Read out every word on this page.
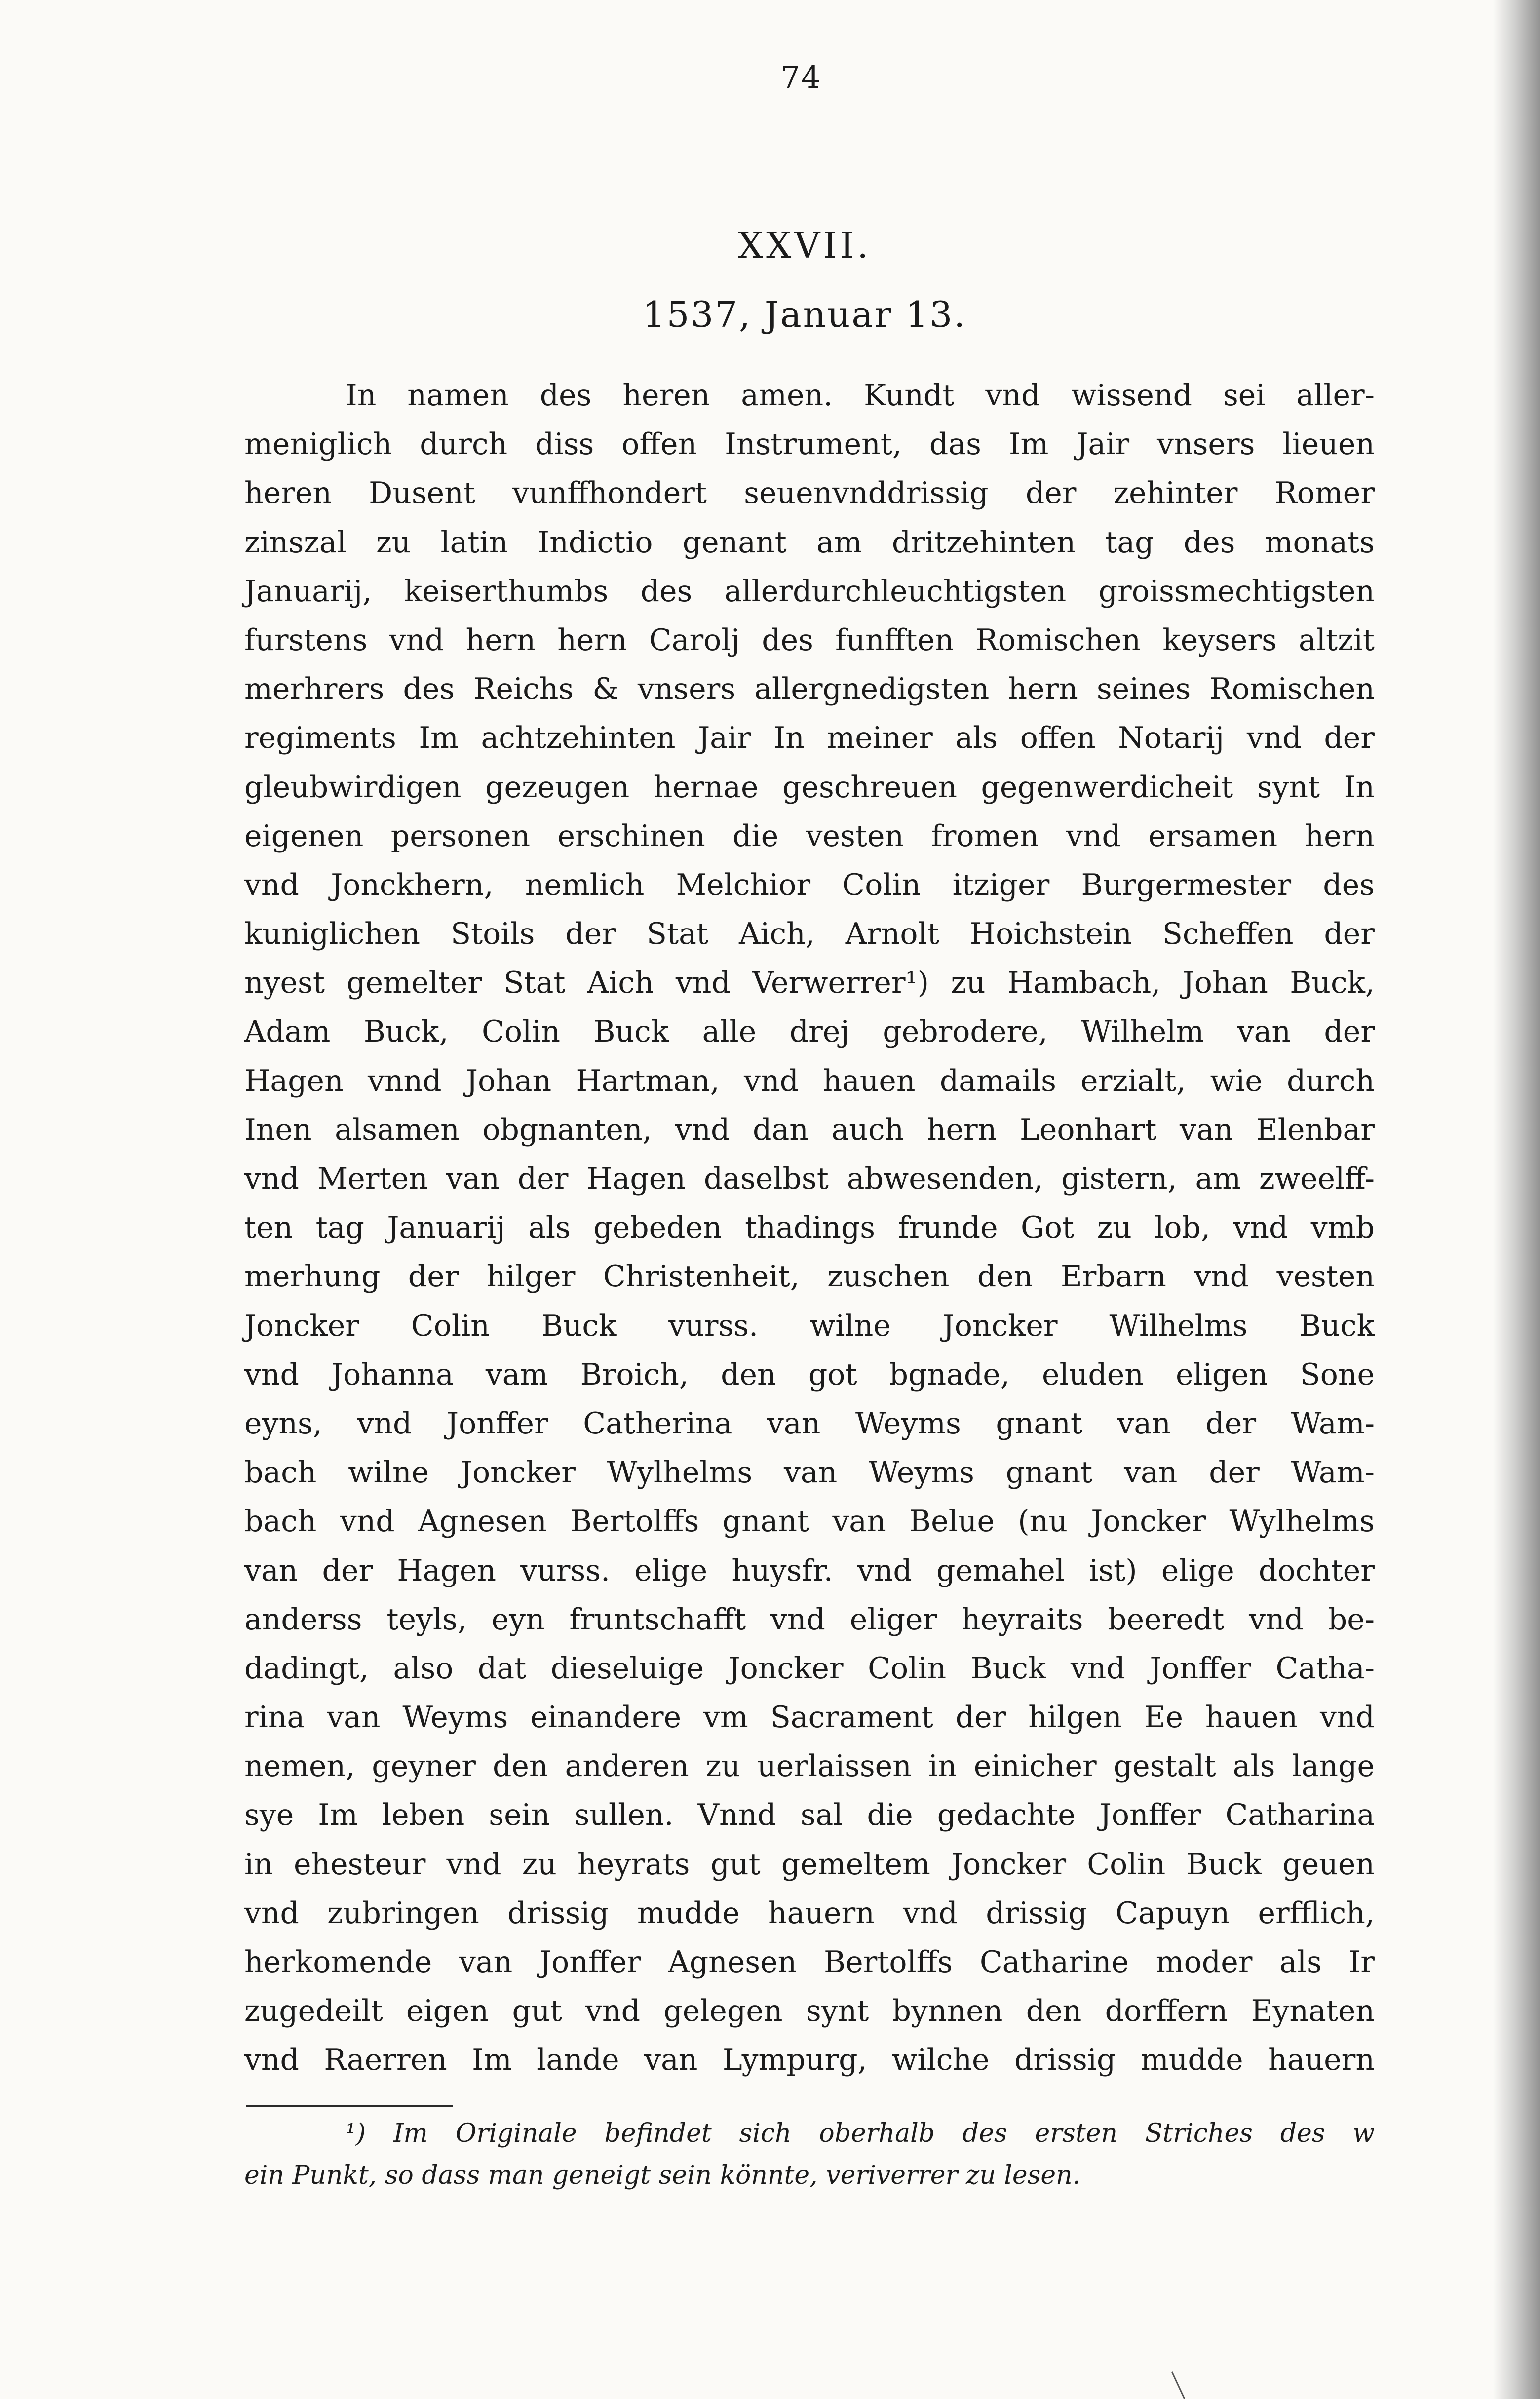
74
XXVII.
1537, Januar 13.
In namen des heren amen. Kundt vnd wissend sei aller-
meniglich durch diss offen Instrument, das Im Jair vnsers lieuen
heren Dusent vunffhondert seuenvnddrissig der zehinter Romer
zinszal zu latin Indictio genant am dritzehinten tag des monats
Januarij, keiserthumbs des allerdurchleuchtigsten groissmechtigsten
furstens vnd hern hern Carolj des funfften Romischen keysers altzit
merhrers des Reichs & vnsers allergnedigsten hern seines Romischen
regiments Im achtzehinten Jair In meiner als offen Notarij vnd der
gleubwirdigen gezeugen hernae geschreuen gegenwerdicheit synt In
eigenen personen erschinen die vesten fromen vnd ersamen hern
vnd Jonckhern, nemlich Melchior Colin itziger Burgermester des
kuniglichen Stoils der Stat Aich, Arnolt Hoichstein Scheffen der
nyest gemelter Stat Aich vnd Verwerrer¹) zu Hambach, Johan Buck,
Adam Buck, Colin Buck alle drej gebrodere, Wilhelm van der
Hagen vnnd Johan Hartman, vnd hauen damails erzialt, wie durch
Inen alsamen obgnanten, vnd dan auch hern Leonhart van Elenbar
vnd Merten van der Hagen daselbst abwesenden, gistern, am zweelff-
ten tag Januarij als gebeden thadings frunde Got zu lob, vnd vmb
merhung der hilger Christenheit, zuschen den Erbarn vnd vesten
Joncker Colin Buck vurss. wilne Joncker Wilhelms Buck
vnd Johanna vam Broich, den got bgnade, eluden eligen Sone
eyns, vnd Jonffer Catherina van Weyms gnant van der Wam-
bach wilne Joncker Wylhelms van Weyms gnant van der Wam-
bach vnd Agnesen Bertolffs gnant van Belue (nu Joncker Wylhelms
van der Hagen vurss. elige huysfr. vnd gemahel ist) elige dochter
anderss teyls, eyn fruntschafft vnd eliger heyraits beeredt vnd be-
dadingt, also dat dieseluige Joncker Colin Buck vnd Jonffer Catha-
rina van Weyms einandere vm Sacrament der hilgen Ee hauen vnd
nemen, geyner den anderen zu uerlaissen in einicher gestalt als lange
sye Im leben sein sullen. Vnnd sal die gedachte Jonffer Catharina
in ehesteur vnd zu heyrats gut gemeltem Joncker Colin Buck geuen
vnd zubringen drissig mudde hauern vnd drissig Capuyn erfflich,
herkomende van Jonffer Agnesen Bertolffs Catharine moder als Ir
zugedeilt eigen gut vnd gelegen synt bynnen den dorffern Eynaten
vnd Raerren Im lande van Lympurg, wilche drissig mudde hauern
¹) Im Originale befindet sich oberhalb des ersten Striches des w
ein Punkt, so dass man geneigt sein könnte, veriverrer zu lesen.
